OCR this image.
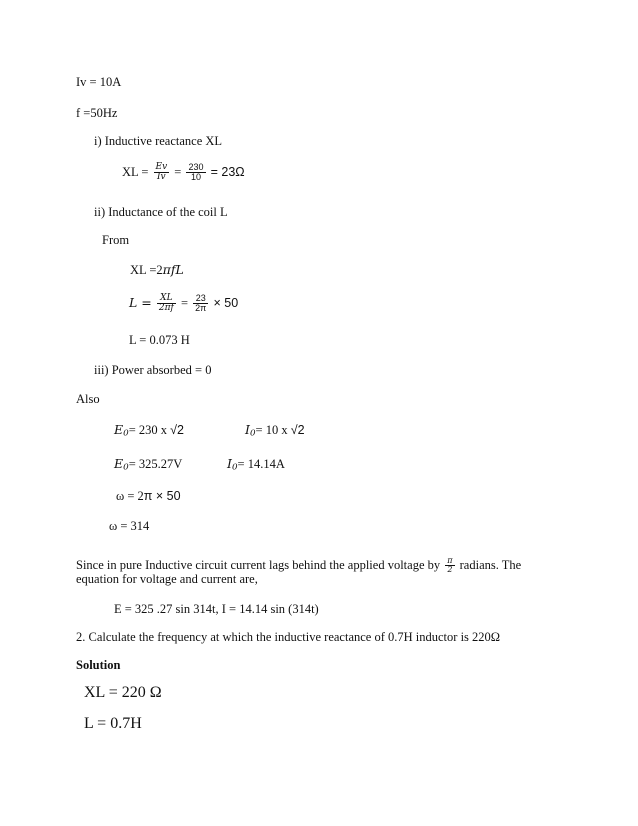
Iv = 10A
f =50Hz
i) Inductive reactance XL
XL = $\frac{Ev}{Iv} = \frac{230}{10} = 23\Omega$
ii) Inductance of the coil L
From
XL =2πfL
$L = \frac{XL}{2\pi f} = \frac{23}{2\pi} \times 50$
L = 0.073 H
iii) Power absorbed = 0
Also
$E_0= 230$ x √2	$I_0= 10$ x √2
$E_0= 325.27V$	$I_0= 14.14A$
ω = 2π × 50
ω = 314
Since in pure Inductive circuit current lags behind the applied voltage by $\frac{\pi}{2}$ radians. The
equation for voltage and current are,
E = 325 .27 sin 314t, I = 14.14 sin (314t)
2. Calculate the frequency at which the inductive reactance of 0.7H inductor is 220Ω
Solution
XL = 220 Ω
L = 0.7H
